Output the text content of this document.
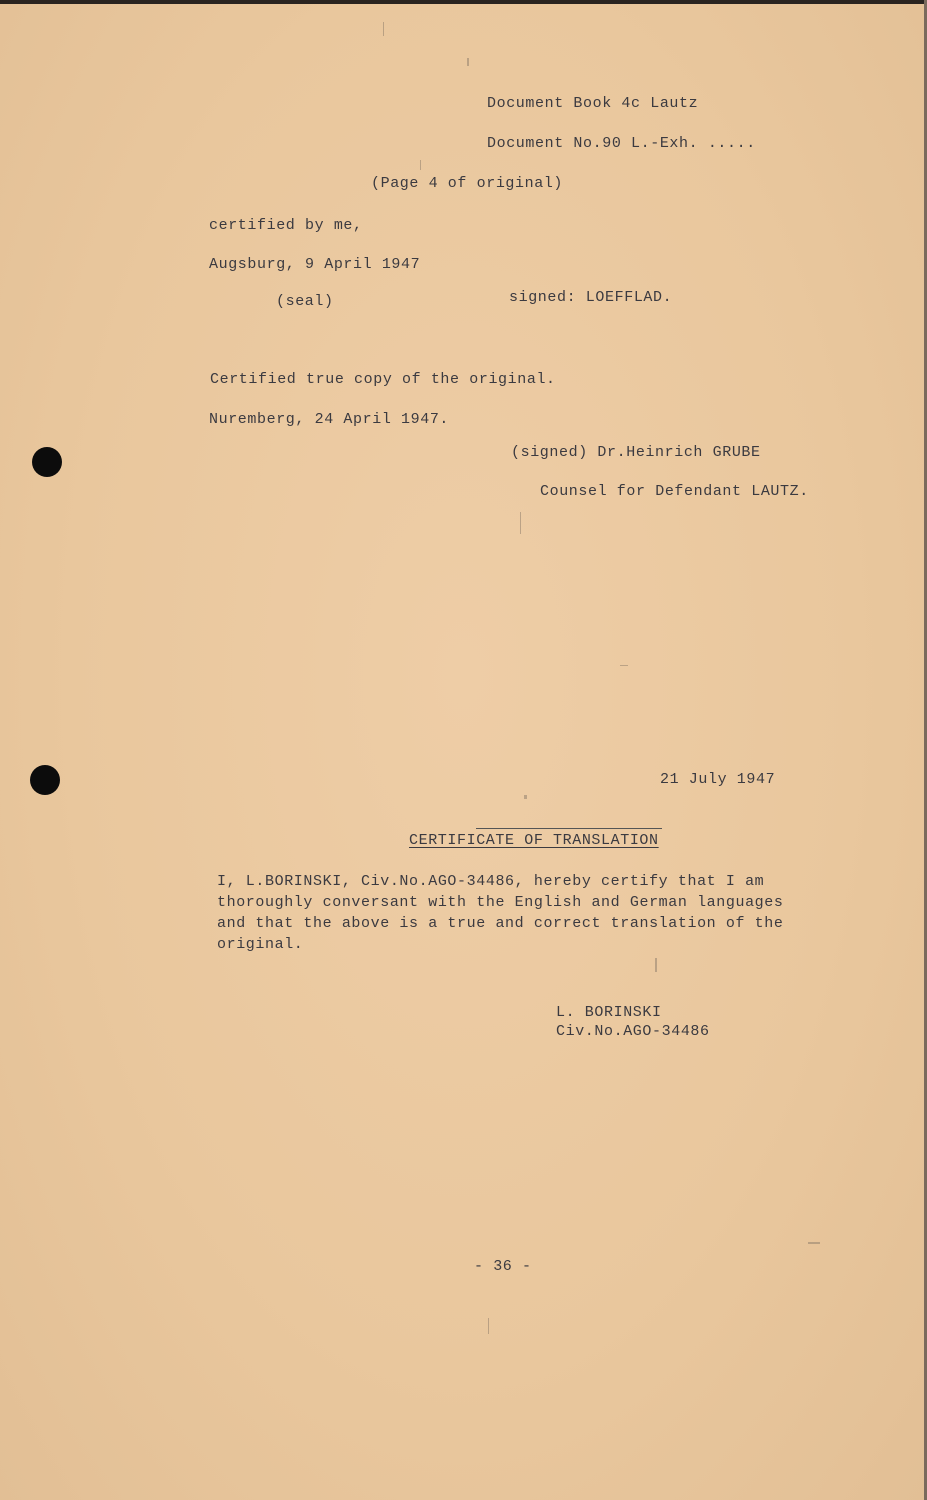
Document Book 4c Lautz
Document No.90 L.-Exh. .....
(Page 4 of original)
certified by me,
Augsburg, 9 April 1947
(seal)	signed: LOEFFLAD.
Certified true copy of the original.
Nuremberg, 24 April 1947.
(signed) Dr.Heinrich GRUBE
Counsel for Defendant LAUTZ.
21 July 1947
CERTIFICATE OF TRANSLATION
I, L.BORINSKI, Civ.No.AGO-34486, hereby certify that I am
thoroughly conversant with the English and German languages
and that the above is a true and correct translation of the
original.
L. BORINSKI
Civ.No.AGO-34486
- 36 -
